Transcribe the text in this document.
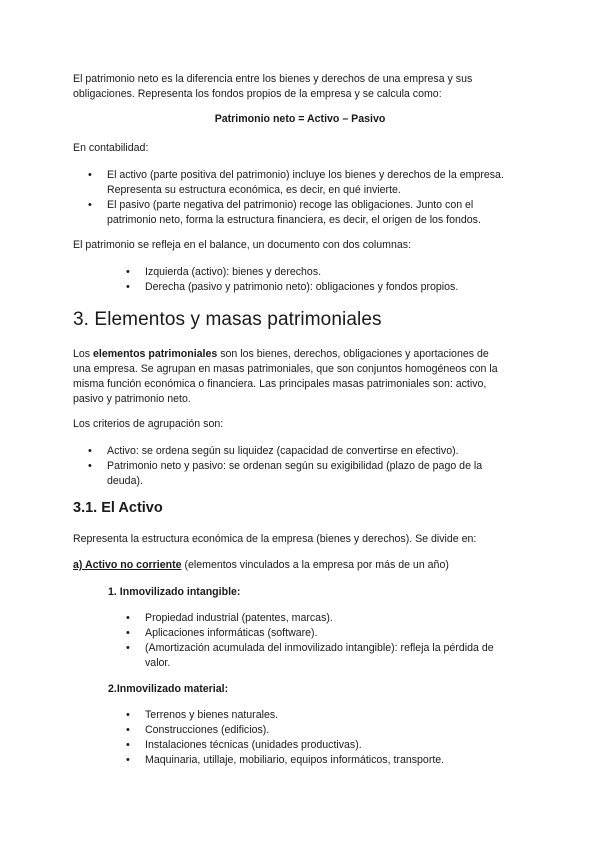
El patrimonio neto es la diferencia entre los bienes y derechos de una empresa y sus
obligaciones. Representa los fondos propios de la empresa y se calcula como:

Patrimonio neto = Activo – Pasivo

En contabilidad:

• El activo (parte positiva del patrimonio) incluye los bienes y derechos de la empresa.
Representa su estructura económica, es decir, en qué invierte.
• El pasivo (parte negativa del patrimonio) recoge las obligaciones. Junto con el
patrimonio neto, forma la estructura financiera, es decir, el origen de los fondos.

El patrimonio se refleja en el balance, un documento con dos columnas:

• Izquierda (activo): bienes y derechos.
• Derecha (pasivo y patrimonio neto): obligaciones y fondos propios.
3. Elementos y masas patrimoniales

Los elementos patrimoniales son los bienes, derechos, obligaciones y aportaciones de
una empresa. Se agrupan en masas patrimoniales, que son conjuntos homogéneos con la
misma función económica o financiera. Las principales masas patrimoniales son: activo,
pasivo y patrimonio neto.

Los criterios de agrupación son:

• Activo: se ordena según su liquidez (capacidad de convertirse en efectivo).
• Patrimonio neto y pasivo: se ordenan según su exigibilidad (plazo de pago de la
deuda).
3.1. El Activo

Representa la estructura económica de la empresa (bienes y derechos). Se divide en:

a) Activo no corriente (elementos vinculados a la empresa por más de un año)

1. Inmovilizado intangible:

• Propiedad industrial (patentes, marcas).
• Aplicaciones informáticas (software).
• (Amortización acumulada del inmovilizado intangible): refleja la pérdida de
valor.

2.Inmovilizado material:

• Terrenos y bienes naturales.
• Construcciones (edificios).
• Instalaciones técnicas (unidades productivas).
• Maquinaria, utillaje, mobiliario, equipos informáticos, transporte.
